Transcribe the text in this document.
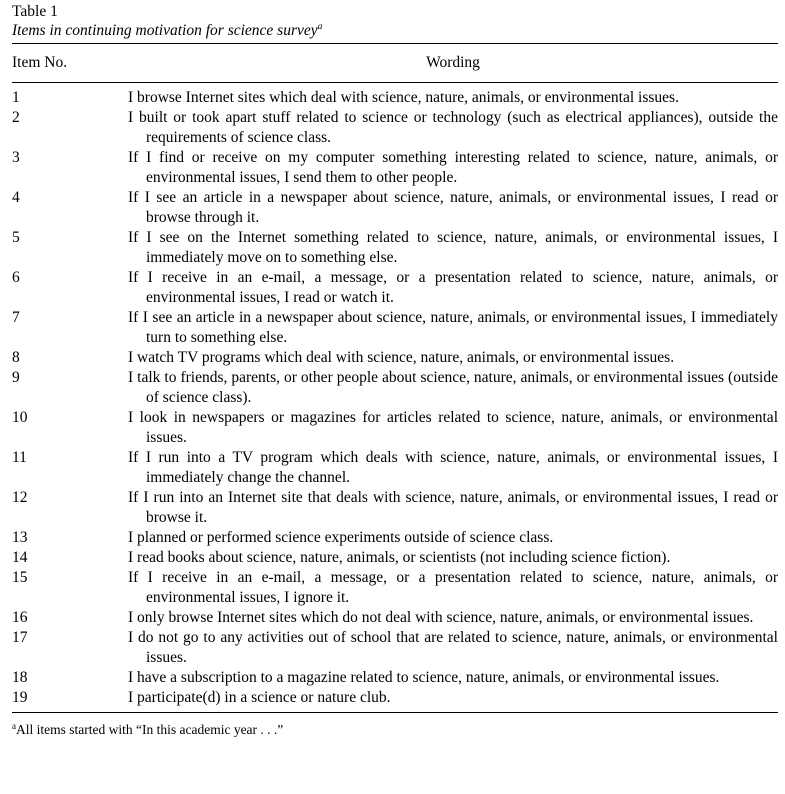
Table 1
Items in continuing motivation for science survey$^a$
Item No.	Wording
1	I browse Internet sites which deal with science, nature, animals, or environmental issues.
2	I built or took apart stuff related to science or technology (such as electrical appliances), outside the requirements of science class.
3	If I find or receive on my computer something interesting related to science, nature, animals, or environmental issues, I send them to other people.
4	If I see an article in a newspaper about science, nature, animals, or environmental issues, I read or browse through it.
5	If I see on the Internet something related to science, nature, animals, or environmental issues, I immediately move on to something else.
6	If I receive in an e-mail, a message, or a presentation related to science, nature, animals, or environmental issues, I read or watch it.
7	If I see an article in a newspaper about science, nature, animals, or environmental issues, I immediately turn to something else.
8	I watch TV programs which deal with science, nature, animals, or environmental issues.
9	I talk to friends, parents, or other people about science, nature, animals, or environmental issues (outside of science class).
10	I look in newspapers or magazines for articles related to science, nature, animals, or environmental issues.
11	If I run into a TV program which deals with science, nature, animals, or environmental issues, I immediately change the channel.
12	If I run into an Internet site that deals with science, nature, animals, or environmental issues, I read or browse it.
13	I planned or performed science experiments outside of science class.
14	I read books about science, nature, animals, or scientists (not including science fiction).
15	If I receive in an e-mail, a message, or a presentation related to science, nature, animals, or environmental issues, I ignore it.
16	I only browse Internet sites which do not deal with science, nature, animals, or environmental issues.
17	I do not go to any activities out of school that are related to science, nature, animals, or environmental issues.
18	I have a subscription to a magazine related to science, nature, animals, or environmental issues.
19	I participate(d) in a science or nature club.
$^a$All items started with “In this academic year . . .”
